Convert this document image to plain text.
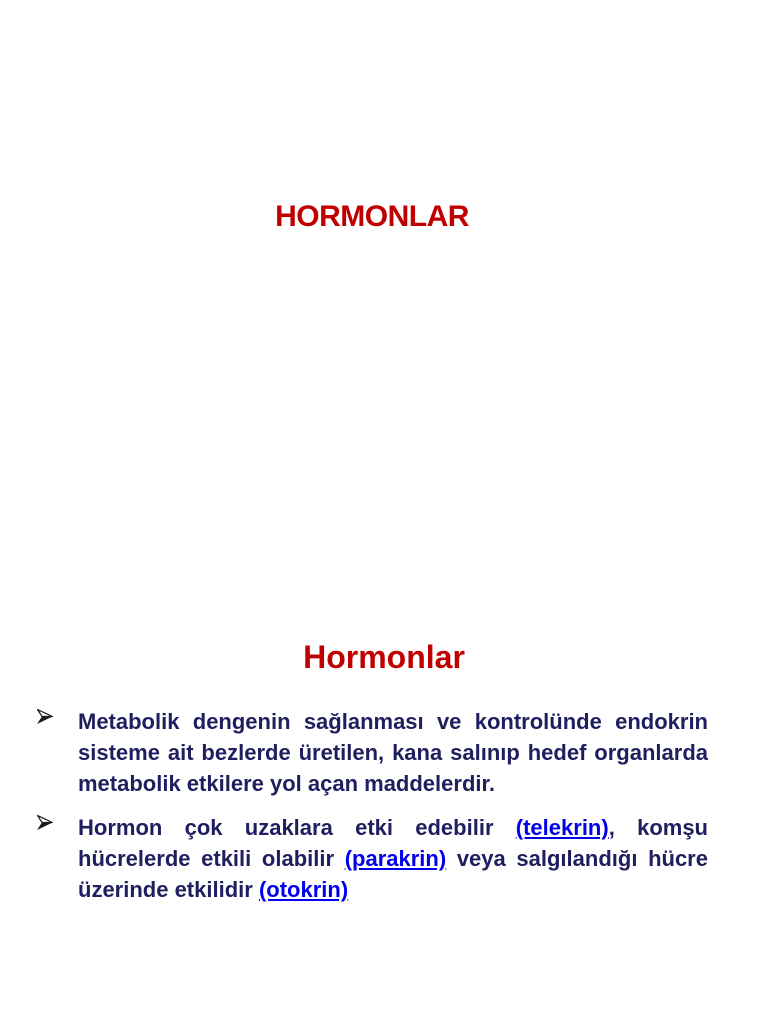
HORMONLAR
Hormonlar
Metabolik dengenin sağlanması ve kontrolünde endokrin
sisteme ait bezlerde üretilen, kana salınıp hedef organlarda
metabolik etkilere yol açan maddelerdir.
Hormon çok uzaklara etki edebilir (telekrin), komşu
hücrelerde etkili olabilir (parakrin) veya salgılandığı hücre
üzerinde etkilidir (otokrin)
